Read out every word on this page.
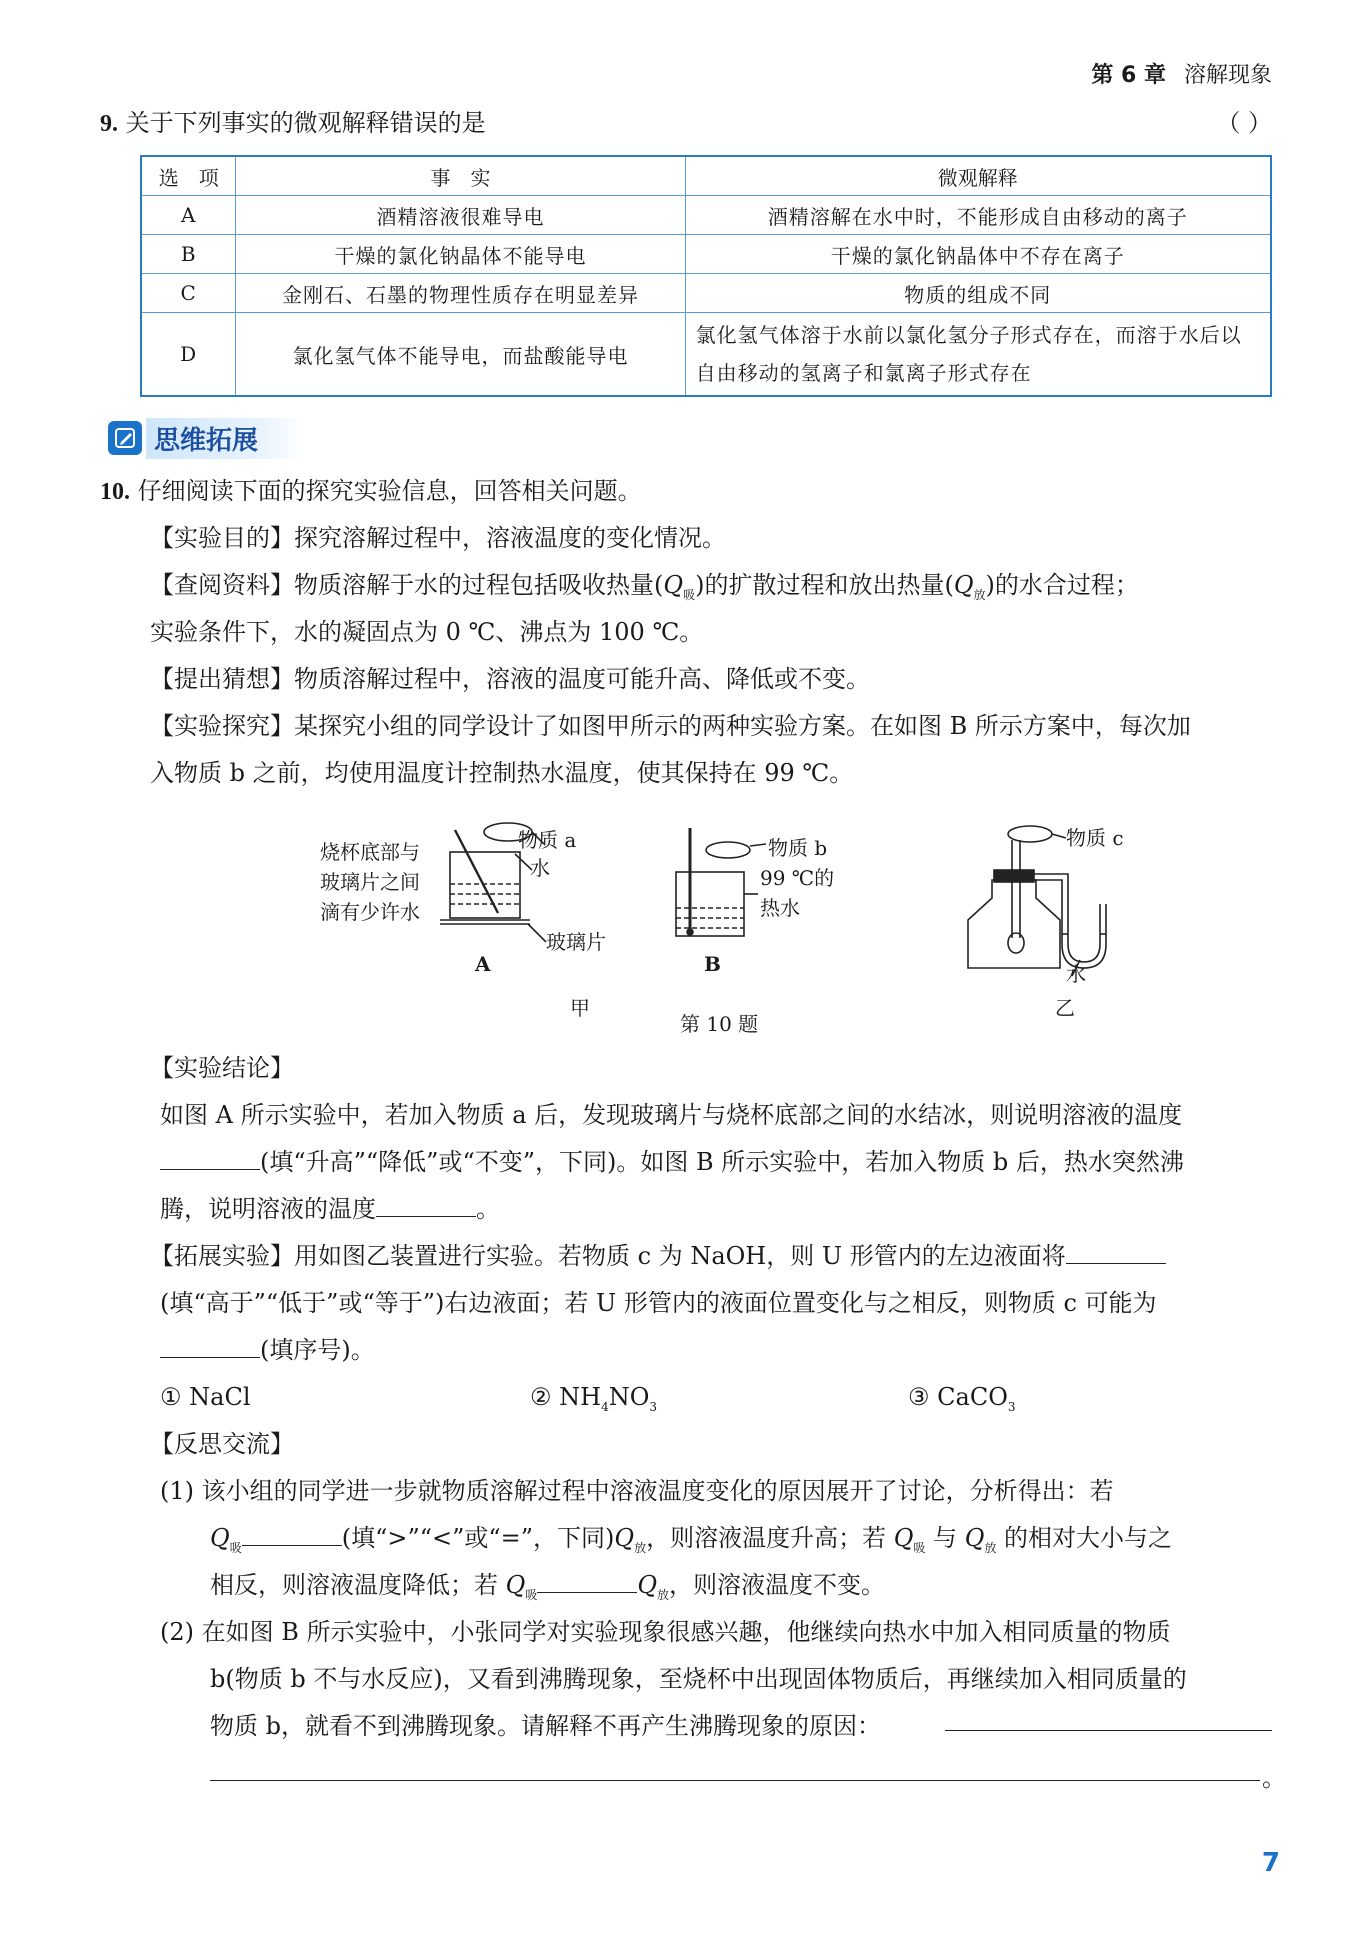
第 6 章 溶解现象
9. 关于下列事实的微观解释错误的是	（ ）
选　项	事　实	微观解释
A	酒精溶液很难导电	酒精溶解在水中时，不能形成自由移动的离子
B	干燥的氯化钠晶体不能导电	干燥的氯化钠晶体中不存在离子
C	金刚石、石墨的物理性质存在明显差异	物质的组成不同
D	氯化氢气体不能导电，而盐酸能导电	氯化氢气体溶于水前以氯化氢分子形式存在，而溶于水后以自由移动的氢离子和氯离子形式存在
思维拓展
10. 仔细阅读下面的探究实验信息，回答相关问题。
【实验目的】探究溶解过程中，溶液温度的变化情况。
【查阅资料】物质溶解于水的过程包括吸收热量$(Q_吸)$的扩散过程和放出热量$(Q_放)$的水合过程；
实验条件下，水的凝固点为 0 ℃、沸点为 100 ℃。
【提出猜想】物质溶解过程中，溶液的温度可能升高、降低或不变。
【实验探究】某探究小组的同学设计了如图甲所示的两种实验方案。在如图 B 所示方案中，每次加
入物质 b 之前，均使用温度计控制热水温度，使其保持在 99 ℃。
烧杯底部与
玻璃片之间
滴有少许水
物质 a
水
玻璃片
A
物质 b
99 ℃的
热水
B
甲
物质 c
水
乙
第 10 题
【实验结论】
如图 A 所示实验中，若加入物质 a 后，发现玻璃片与烧杯底部之间的水结冰，则说明溶液的温度
(填“升高”“降低”或“不变”，下同)。如图 B 所示实验中，若加入物质 b 后，热水突然沸
腾，说明溶液的温度	。
【拓展实验】用如图乙装置进行实验。若物质 c 为 NaOH，则 U 形管内的左边液面将
(填“高于”“低于”或“等于”)右边液面；若 U 形管内的液面位置变化与之相反，则物质 c 可能为
(填序号)。
① NaCl	② $NH_4NO_3$	③ CaCO$_3$
【反思交流】
(1) 该小组的同学进一步就物质溶解过程中溶液温度变化的原因展开了讨论，分析得出：若
$Q_吸$	(填“>”“<”或“=”，下同)$Q_放$，则溶液温度升高；若 $Q_吸$ 与 $Q_放$ 的相对大小与之
相反，则溶液温度降低；若 $Q_吸$	$Q_放$，则溶液温度不变。
(2) 在如图 B 所示实验中，小张同学对实验现象很感兴趣，他继续向热水中加入相同质量的物质
b(物质 b 不与水反应)，又看到沸腾现象，至烧杯中出现固体物质后，再继续加入相同质量的
物质 b，就看不到沸腾现象。请解释不再产生沸腾现象的原因：
。
7
